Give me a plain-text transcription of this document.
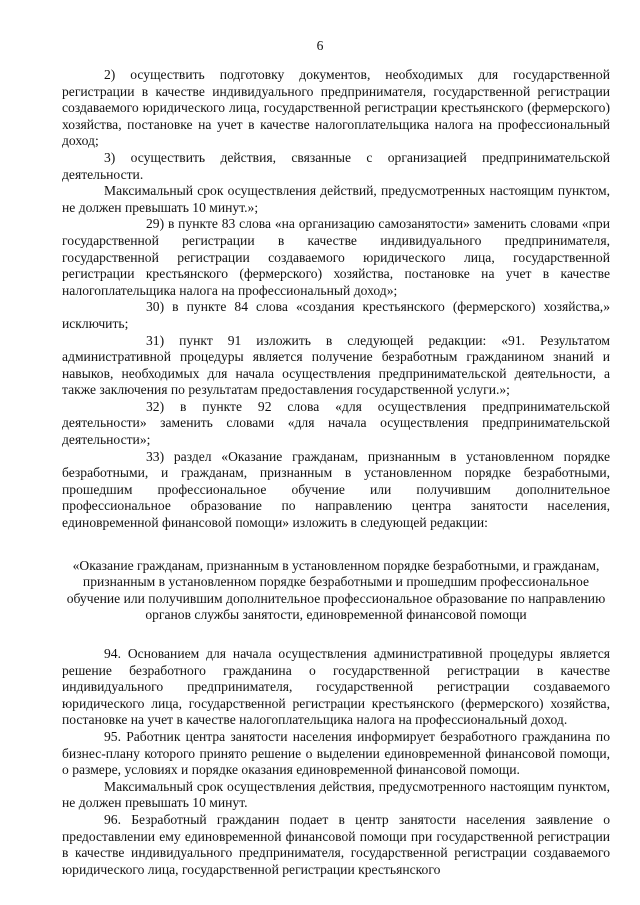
6

2) осуществить подготовку документов, необходимых для государственной регистрации в качестве индивидуального предпринимателя, государственной регистрации создаваемого юридического лица, государственной регистрации крестьянского (фермерского) хозяйства, постановке на учет в качестве налогоплательщика налога на профессиональный доход;

3) осуществить действия, связанные с организацией предпринимательской деятельности.

Максимальный срок осуществления действий, предусмотренных настоящим пунктом, не должен превышать 10 минут.»;

29) в пункте 83 слова «на организацию самозанятости» заменить словами «при государственной регистрации в качестве индивидуального предпринимателя, государственной регистрации создаваемого юридического лица, государственной регистрации крестьянского (фермерского) хозяйства, постановке на учет в качестве налогоплательщика налога на профессиональный доход»;

30) в пункте 84 слова «создания крестьянского (фермерского) хозяйства,» исключить;

31) пункт 91 изложить в следующей редакции: «91. Результатом административной процедуры является получение безработным гражданином знаний и навыков, необходимых для начала осуществления предпринимательской деятельности, а также заключения по результатам предоставления государственной услуги.»;

32) в пункте 92 слова «для осуществления предпринимательской деятельности» заменить словами «для начала осуществления предпринимательской деятельности»;

33) раздел «Оказание гражданам, признанным в установленном порядке безработными, и гражданам, признанным в установленном порядке безработными, прошедшим профессиональное обучение или получившим дополнительное профессиональное образование по направлению центра занятости населения, единовременной финансовой помощи» изложить в следующей редакции:

«Оказание гражданам, признанным в установленном порядке безработными, и гражданам, признанным в установленном порядке безработными и прошедшим профессиональное обучение или получившим дополнительное профессиональное образование по направлению органов службы занятости, единовременной финансовой помощи

94. Основанием для начала осуществления административной процедуры является решение безработного гражданина о государственной регистрации в качестве индивидуального предпринимателя, государственной регистрации создаваемого юридического лица, государственной регистрации крестьянского (фермерского) хозяйства, постановке на учет в качестве налогоплательщика налога на профессиональный доход.

95. Работник центра занятости населения информирует безработного гражданина по бизнес-плану которого принято решение о выделении единовременной финансовой помощи, о размере, условиях и порядке оказания единовременной финансовой помощи.

Максимальный срок осуществления действия, предусмотренного настоящим пунктом, не должен превышать 10 минут.

96. Безработный гражданин подает в центр занятости населения заявление о предоставлении ему единовременной финансовой помощи при государственной регистрации в качестве индивидуального предпринимателя, государственной регистрации создаваемого юридического лица, государственной регистрации крестьянского
